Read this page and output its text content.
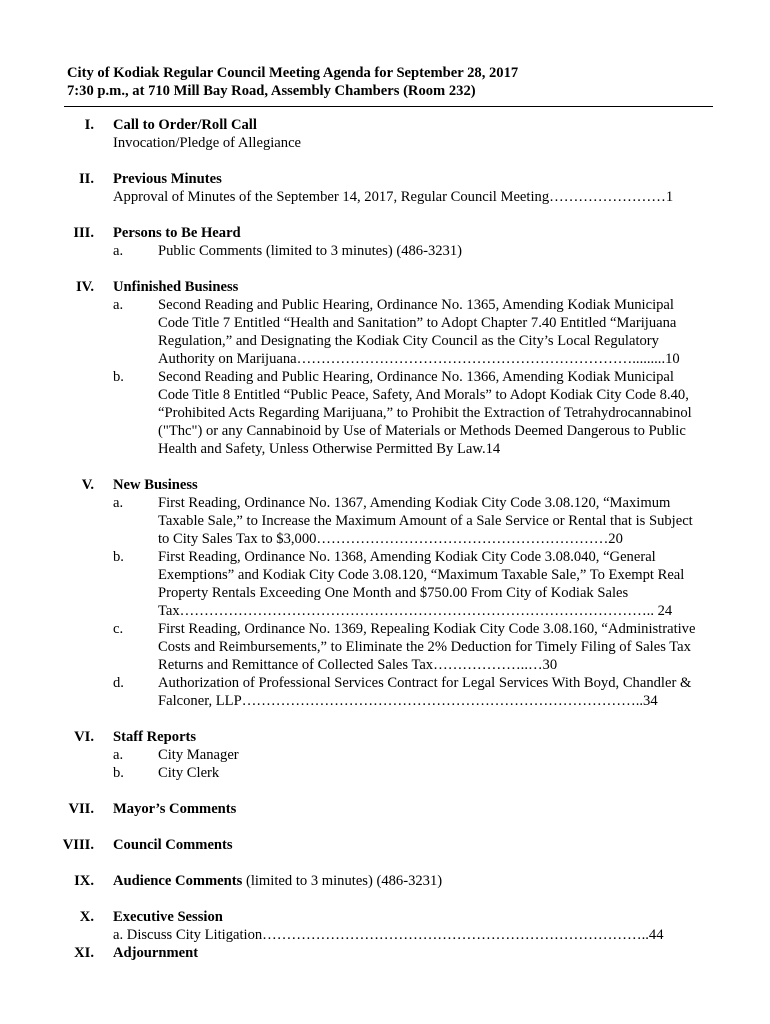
City of Kodiak Regular Council Meeting Agenda for September 28, 2017
7:30 p.m., at 710 Mill Bay Road, Assembly Chambers (Room 232)
I. Call to Order/Roll Call
Invocation/Pledge of Allegiance
II. Previous Minutes
Approval of Minutes of the September 14, 2017, Regular Council Meeting……………………1
III. Persons to Be Heard
a. Public Comments (limited to 3 minutes) (486-3231)
IV. Unfinished Business
a. Second Reading and Public Hearing, Ordinance No. 1365, Amending Kodiak Municipal Code Title 7 Entitled “Health and Sanitation” to Adopt Chapter 7.40 Entitled “Marijuana Regulation,” and Designating the Kodiak City Council as the City’s Local Regulatory Authority on Marijuana…………………………………………………………….........10
b. Second Reading and Public Hearing, Ordinance No. 1366, Amending Kodiak Municipal Code Title 8 Entitled “Public Peace, Safety, And Morals” to Adopt Kodiak City Code 8.40, “Prohibited Acts Regarding Marijuana,” to Prohibit the Extraction of Tetrahydrocannabinol ("Thc") or any Cannabinoid by Use of Materials or Methods Deemed Dangerous to Public Health and Safety, Unless Otherwise Permitted By Law.14
V. New Business
a. First Reading, Ordinance No. 1367, Amending Kodiak City Code 3.08.120, “Maximum Taxable Sale,” to Increase the Maximum Amount of a Sale Service or Rental that is Subject to City Sales Tax to $3,000……………………………………………………20
b. First Reading, Ordinance No. 1368, Amending Kodiak City Code 3.08.040, “General Exemptions” and Kodiak City Code 3.08.120, “Maximum Taxable Sale,” To Exempt Real Property Rentals Exceeding One Month and $750.00 From City of Kodiak Sales Tax…………………………………………………………………………………….. 24
c. First Reading, Ordinance No. 1369, Repealing Kodiak City Code 3.08.160, “Administrative Costs and Reimbursements,” to Eliminate the 2% Deduction for Timely Filing of Sales Tax Returns and Remittance of Collected Sales Tax………………..…30
d. Authorization of Professional Services Contract for Legal Services With Boyd, Chandler & Falconer, LLP………………………………………………………………………..34
VI. Staff Reports
a. City Manager
b. City Clerk
VII. Mayor’s Comments
VIII. Council Comments
IX. Audience Comments (limited to 3 minutes) (486-3231)
X. Executive Session
a. Discuss City Litigation……………………………………………………………………..44
XI. Adjournment
